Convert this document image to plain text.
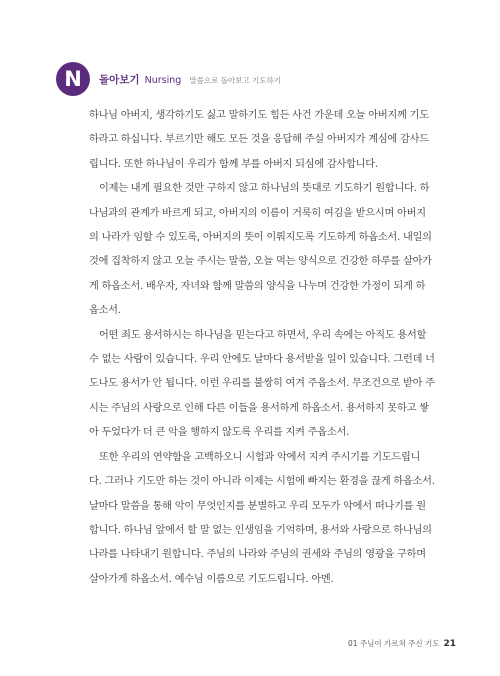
N	돌아보기 Nursing 말씀으로 돌아보고 기도하기

하나님 아버지, 생각하기도 싫고 말하기도 힘든 사건 가운데 오늘 아버지께 기도
하라고 하십니다. 부르기만 해도 모든 것을 응답해 주실 아버지가 계심에 감사드
립니다. 또한 하나님이 우리가 함께 부를 아버지 되심에 감사합니다.

이제는 내게 필요한 것만 구하지 않고 하나님의 뜻대로 기도하기 원합니다. 하
나님과의 관계가 바르게 되고, 아버지의 이름이 거룩히 여김을 받으시며 아버지
의 나라가 임할 수 있도록, 아버지의 뜻이 이뤄지도록 기도하게 하옵소서. 내일의
것에 집착하지 않고 오늘 주시는 말씀, 오늘 먹는 양식으로 건강한 하루를 살아가
게 하옵소서. 배우자, 자녀와 함께 말씀의 양식을 나누며 건강한 가정이 되게 하
옵소서.

어떤 죄도 용서하시는 하나님을 믿는다고 하면서, 우리 속에는 아직도 용서할
수 없는 사람이 있습니다. 우리 안에도 날마다 용서받을 일이 있습니다. 그런데 너
도나도 용서가 안 됩니다. 이런 우리를 불쌍히 여겨 주옵소서. 무조건으로 받아 주
시는 주님의 사랑으로 인해 다른 이들을 용서하게 하옵소서. 용서하지 못하고 쌓
아 두었다가 더 큰 악을 행하지 않도록 우리를 지켜 주옵소서.

또한 우리의 연약함을 고백하오니 시험과 악에서 지켜 주시기를 기도드립니
다. 그러나 기도만 하는 것이 아니라 이제는 시험에 빠지는 환경을 끊게 하옵소서.
날마다 말씀을 통해 악이 무엇인지를 분별하고 우리 모두가 악에서 떠나기를 원
합니다. 하나님 앞에서 할 말 없는 인생임을 기억하며, 용서와 사랑으로 하나님의
나라를 나타내기 원합니다. 주님의 나라와 주님의 권세와 주님의 영광을 구하며
살아가게 하옵소서. 예수님 이름으로 기도드립니다. 아멘.

01 주님이 가르쳐 주신 기도 21
